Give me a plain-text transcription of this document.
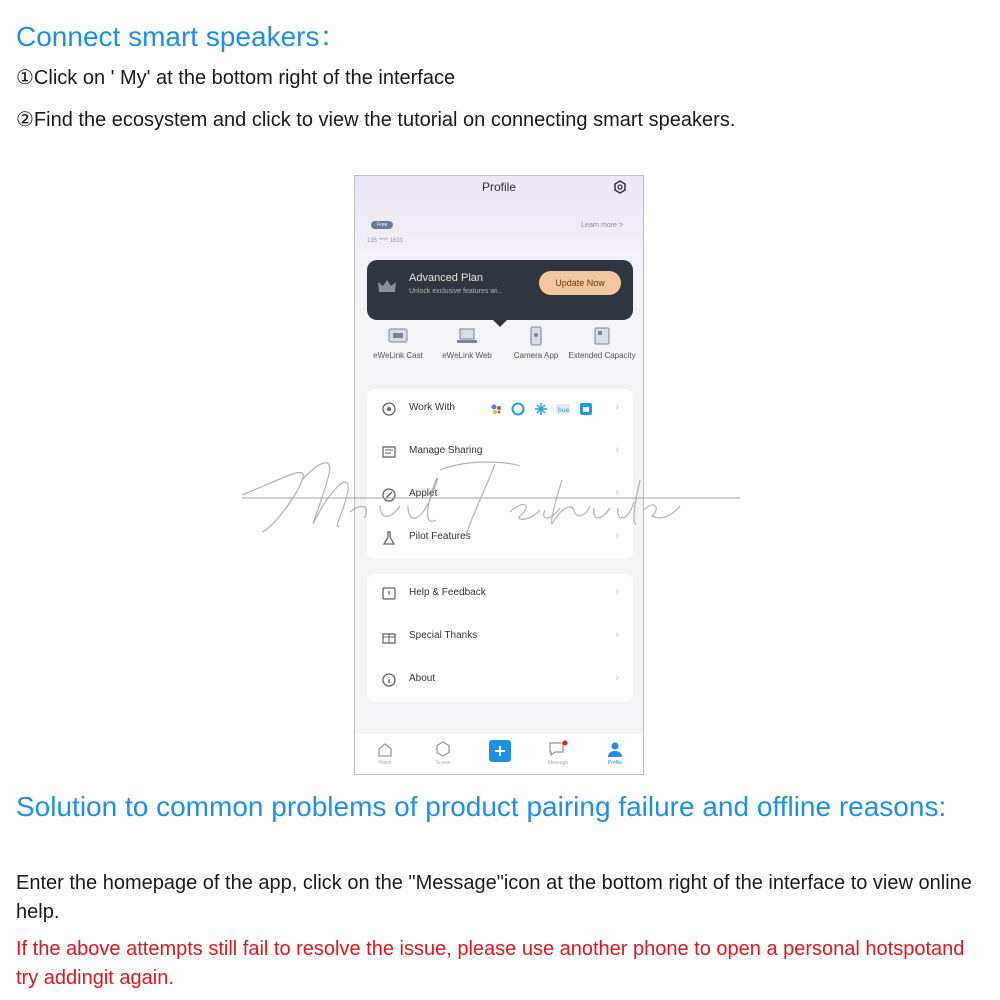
Connect smart speakers：

①Click on ' My' at the bottom right of the interface

②Find the ecosystem and click to view the tutorial on connecting smart speakers.

Profile
Free
135 **** 1631
Learn more >
Advanced Plan
Unlock exclusive features wi...
Update Now
eWeLink Cast	eWeLink Web	Camera App	Extended Capacity
Work With
	hue
	›
Manage Sharing	›
Applet	›
Pilot Features	›
Help & Feedback	›
Special Thanks	›
About	›
Home	Scene	Message	Profile
Solution to common problems of product pairing failure and offline reasons:

Enter the homepage of the app, click on the "Message"icon at the bottom right of the interface to view online help.

If the above attempts still fail to resolve the issue, please use another phone to open a personal hotspotand try addingit again.
